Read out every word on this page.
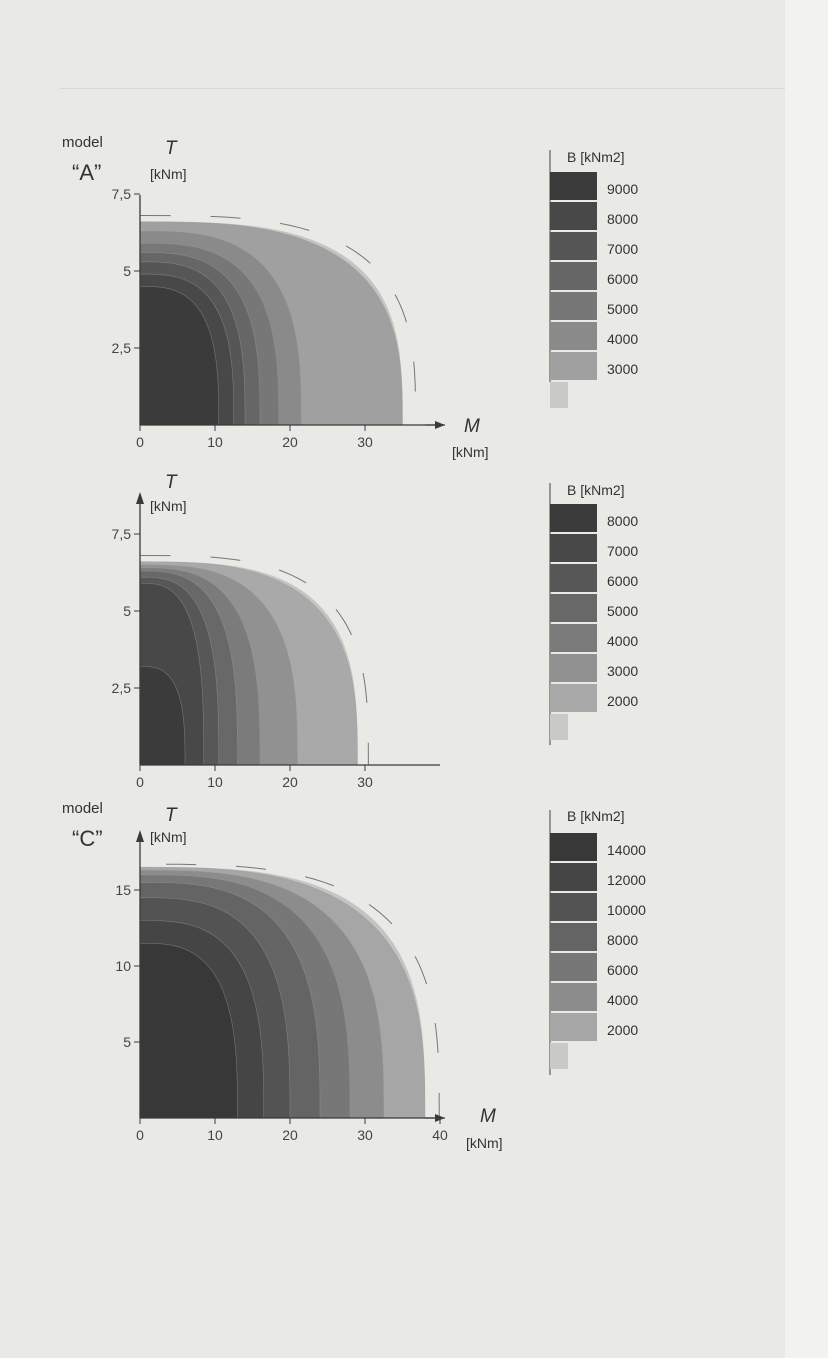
model
“A”
T
[kNm]
M
[kNm]
T
[kNm]
model
“C”
T
[kNm]
M
[kNm]
0	10	20	30
2,5
5
7,5	9000
8000
7000
6000
5000
4000
3000
0	10	20	30
2,5
5
7,5
8000
7000
6000
5000
4000
3000
2000
0	10	20	30	40
5
10
15
14000
12000
10000
8000
6000
4000
2000
B [kNm2]
B [kNm2]
B [kNm2]
